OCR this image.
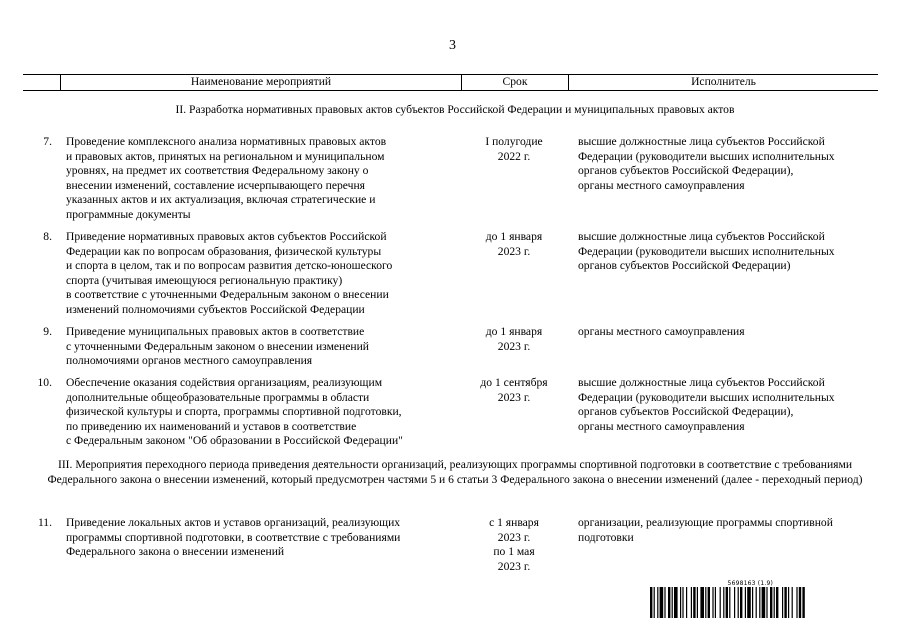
3
Наименование мероприятий	Срок	Исполнитель
II. Разработка нормативных правовых актов субъектов Российской Федерации и муниципальных правовых актов
7. Проведение комплексного анализа нормативных правовых актов
и правовых актов, принятых на региональном и муниципальном
уровнях, на предмет их соответствия Федеральному закону о
внесении изменений, составление исчерпывающего перечня
указанных актов и их актуализация, включая стратегические и
программные документы
I полугодие
2022 г.
высшие должностные лица субъектов Российской
Федерации (руководители высших исполнительных
органов субъектов Российской Федерации),
органы местного самоуправления
8. Приведение нормативных правовых актов субъектов Российской
Федерации как по вопросам образования, физической культуры
и спорта в целом, так и по вопросам развития детско-юношеского
спорта (учитывая имеющуюся региональную практику)
в соответствие с уточненными Федеральным законом о внесении
изменений полномочиями субъектов Российской Федерации
до 1 января
2023 г.
высшие должностные лица субъектов Российской
Федерации (руководители высших исполнительных
органов субъектов Российской Федерации)
9. Приведение муниципальных правовых актов в соответствие
с уточненными Федеральным законом о внесении изменений
полномочиями органов местного самоуправления
до 1 января
2023 г.
органы местного самоуправления
10. Обеспечение оказания содействия организациям, реализующим
дополнительные общеобразовательные программы в области
физической культуры и спорта, программы спортивной подготовки,
по приведению их наименований и уставов в соответствие
с Федеральным законом "Об образовании в Российской Федерации"
до 1 сентября
2023 г.
высшие должностные лица субъектов Российской
Федерации (руководители высших исполнительных
органов субъектов Российской Федерации),
органы местного самоуправления
III. Мероприятия переходного периода приведения деятельности организаций, реализующих программы спортивной подготовки в соответствие с требованиями Федерального закона о внесении изменений, который предусмотрен частями 5 и 6 статьи 3 Федерального закона о внесении изменений (далее - переходный период)
11. Приведение локальных актов и уставов организаций, реализующих
программы спортивной подготовки, в соответствие с требованиями
Федерального закона о внесении изменений
с 1 января
2023 г.
по 1 мая
2023 г.
организации, реализующие программы спортивной
подготовки
5698163 (1.9)
